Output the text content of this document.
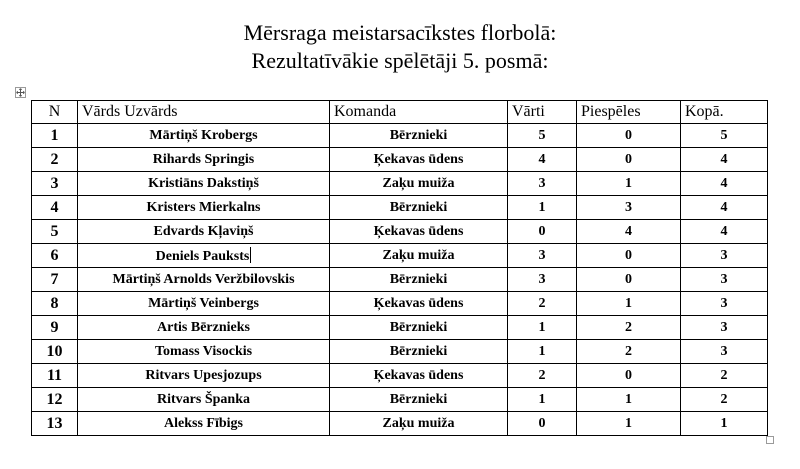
Mērsraga meistarsacīkstes florbolā:
Rezultatīvākie spēlētāji 5. posmā:
N	Vārds Uzvārds	Komanda	Vārti	Piespēles	Kopā.
1	Mārtiņš Krobergs	Bērznieki	5	0	5
2	Rihards Springis	Ķekavas ūdens	4	0	4
3	Kristiāns Dakstiņš	Zaķu muiža	3	1	4
4	Kristers Mierkalns	Bērznieki	1	3	4
5	Edvards Kļaviņš	Ķekavas ūdens	0	4	4
6	Deniels Pauksts	Zaķu muiža	3	0	3
7	Mārtiņš Arnolds Veržbilovskis	Bērznieki	3	0	3
8	Mārtiņš Veinbergs	Ķekavas ūdens	2	1	3
9	Artis Bērznieks	Bērznieki	1	2	3
10	Tomass Visockis	Bērznieki	1	2	3
11	Ritvars Upesjozups	Ķekavas ūdens	2	0	2
12	Ritvars Španka	Bērznieki	1	1	2
13	Alekss Fībigs	Zaķu muiža	0	1	1
